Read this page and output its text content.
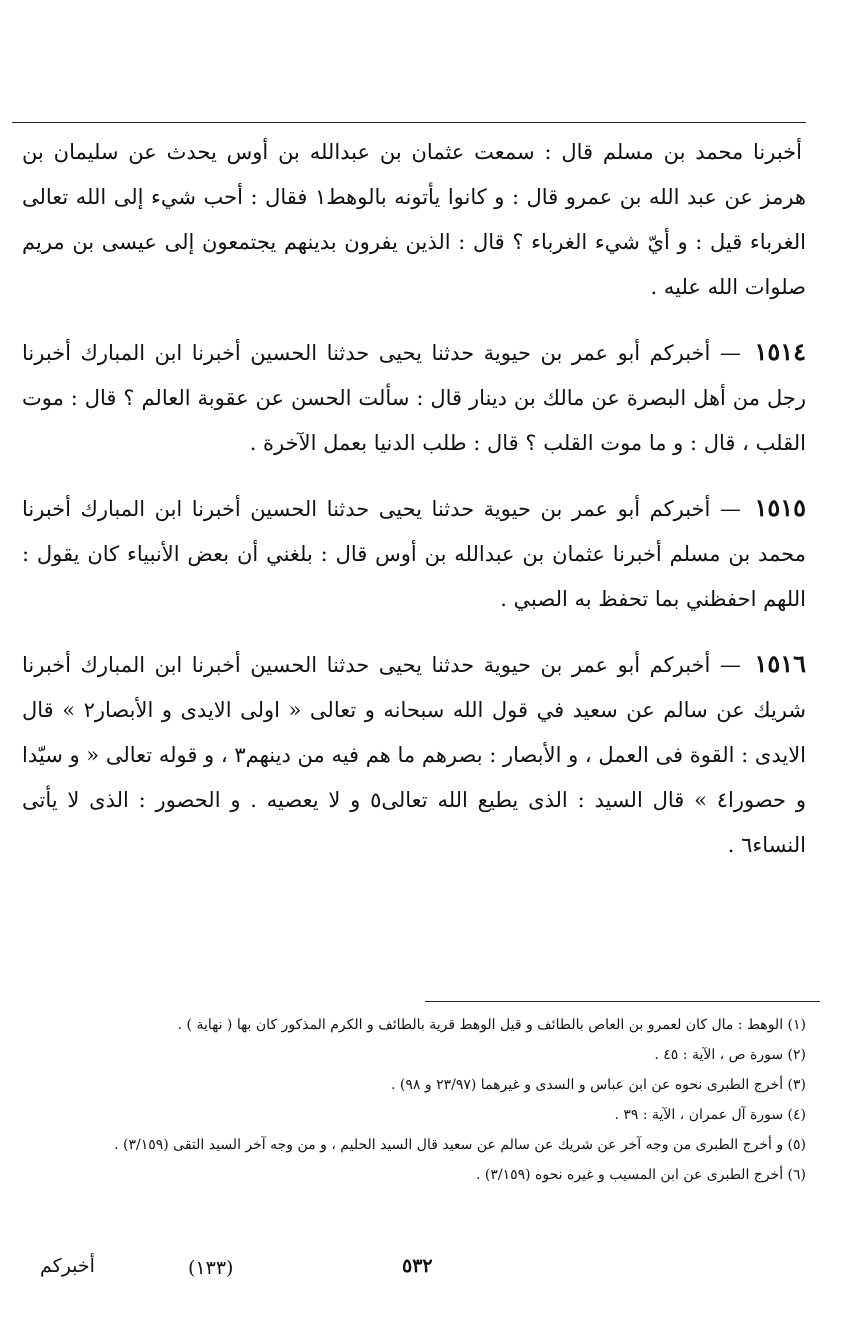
أخبرنا محمد بن مسلم قال : سمعت عثمان بن عبدالله بن أوس يحدث عن سليمان بن هرمز عن عبد الله بن عمرو قال : و كانوا يأتونه بالوهط١ فقال : أحب شيء إلى الله تعالى الغرباء قيل : و أيّ شيء الغرباء ؟ قال : الذين يفرون بدينهم يجتمعون إلى عيسى بن مريم صلوات الله عليه .

١٥١٤ — أخبركم أبو عمر بن حيوية حدثنا يحيى حدثنا الحسين أخبرنا ابن المبارك أخبرنا رجل من أهل البصرة عن مالك بن دينار قال : سألت الحسن عن عقوبة العالم ؟ قال : موت القلب ، قال : و ما موت القلب ؟ قال : طلب الدنيا بعمل الآخرة .

١٥١٥ — أخبركم أبو عمر بن حيوية حدثنا يحيى حدثنا الحسين أخبرنا ابن المبارك أخبرنا محمد بن مسلم أخبرنا عثمان بن عبدالله بن أوس قال : بلغني أن بعض الأنبياء كان يقول : اللهم احفظني بما تحفظ به الصبي .

١٥١٦ — أخبركم أبو عمر بن حيوية حدثنا يحيى حدثنا الحسين أخبرنا ابن المبارك أخبرنا شريك عن سالم عن سعيد في قول الله سبحانه و تعالى « اولى الايدى و الأبصار٢ » قال الايدى : القوة فى العمل ، و الأبصار : بصرهم ما هم فيه من دينهم٣ ، و قوله تعالى « و سيّدا و حصورا٤ » قال السيد : الذى يطيع الله تعالى٥ و لا يعصيه . و الحصور : الذى لا يأتى النساء٦ .

(١) الوهط : مال كان لعمرو بن العاص بالطائف و قيل الوهط قرية بالطائف و الكرم المذكور كان بها ( نهاية ) .

(٢) سورة ص ، الآية : ٤٥ .

(٣) أخرج الطبرى نحوه عن ابن عباس و السدى و غيرهما (٢٣/٩٧ و ٩٨) .

(٤) سورة آل عمران ، الآية : ٣٩ .

(٥) و أخرج الطبرى من وجه آخر عن شريك عن سالم عن سعيد قال السيد الحليم ، و من وجه آخر السيد التقى (٣/١٥٩) .

(٦) أخرج الطبرى عن ابن المسيب و غيره نحوه (٣/١٥٩) .

أخبركم	(١٣٣)	٥٣٢
